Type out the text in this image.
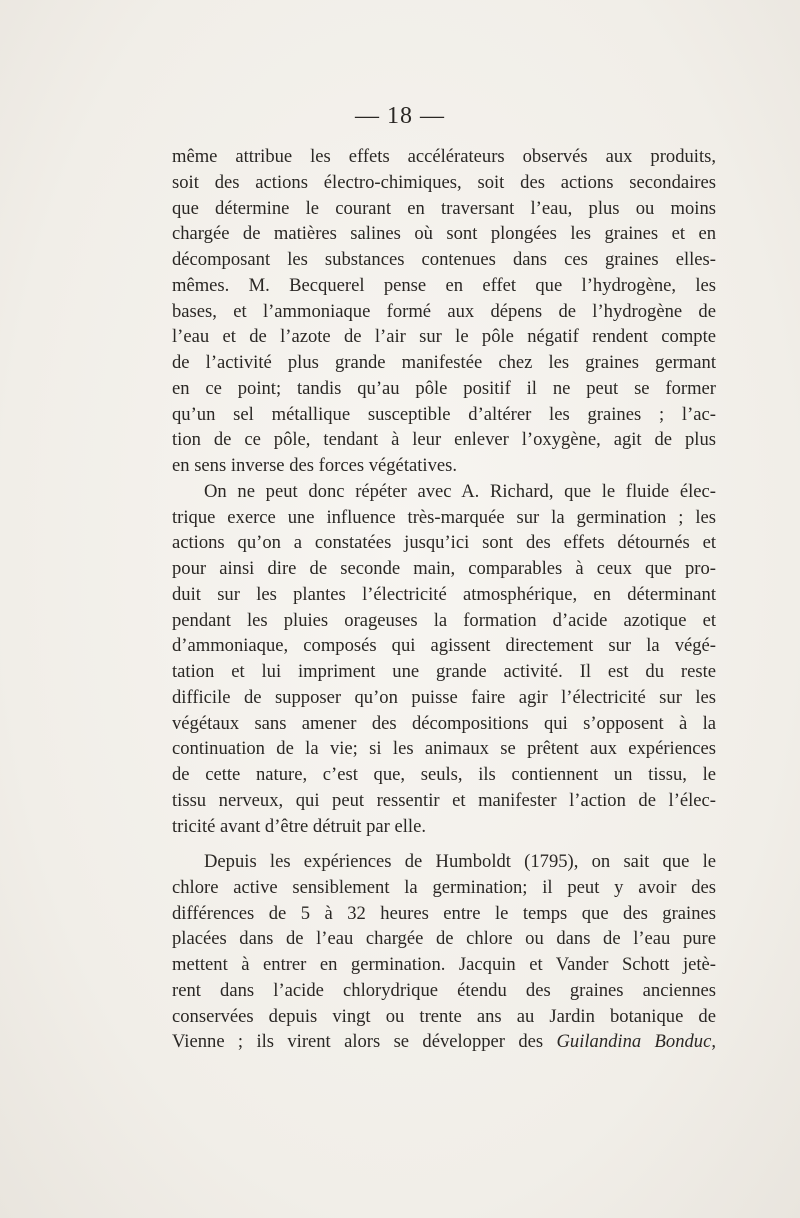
— 18 —
même attribue les effets accélérateurs observés aux produits,
soit des actions électro-chimiques, soit des actions secondaires
que détermine le courant en traversant l’eau, plus ou moins
chargée de matières salines où sont plongées les graines et en
décomposant les substances contenues dans ces graines elles-
mêmes. M. Becquerel pense en effet que l’hydrogène, les
bases, et l’ammoniaque formé aux dépens de l’hydrogène de
l’eau et de l’azote de l’air sur le pôle négatif rendent compte
de l’activité plus grande manifestée chez les graines germant
en ce point; tandis qu’au pôle positif il ne peut se former
qu’un sel métallique susceptible d’altérer les graines ; l’ac-
tion de ce pôle, tendant à leur enlever l’oxygène, agit de plus
en sens inverse des forces végétatives.
On ne peut donc répéter avec A. Richard, que le fluide élec-
trique exerce une influence très-marquée sur la germination ; les
actions qu’on a constatées jusqu’ici sont des effets détournés et
pour ainsi dire de seconde main, comparables à ceux que pro-
duit sur les plantes l’électricité atmosphérique, en déterminant
pendant les pluies orageuses la formation d’acide azotique et
d’ammoniaque, composés qui agissent directement sur la végé-
tation et lui impriment une grande activité. Il est du reste
difficile de supposer qu’on puisse faire agir l’électricité sur les
végétaux sans amener des décompositions qui s’opposent à la
continuation de la vie; si les animaux se prêtent aux expériences
de cette nature, c’est que, seuls, ils contiennent un tissu, le
tissu nerveux, qui peut ressentir et manifester l’action de l’élec-
tricité avant d’être détruit par elle.
Depuis les expériences de Humboldt (1795), on sait que le
chlore active sensiblement la germination; il peut y avoir des
différences de 5 à 32 heures entre le temps que des graines
placées dans de l’eau chargée de chlore ou dans de l’eau pure
mettent à entrer en germination. Jacquin et Vander Schott jetè-
rent dans l’acide chlorydrique étendu des graines anciennes
conservées depuis vingt ou trente ans au Jardin botanique de
Vienne ; ils virent alors se développer des Guilandina Bonduc,
